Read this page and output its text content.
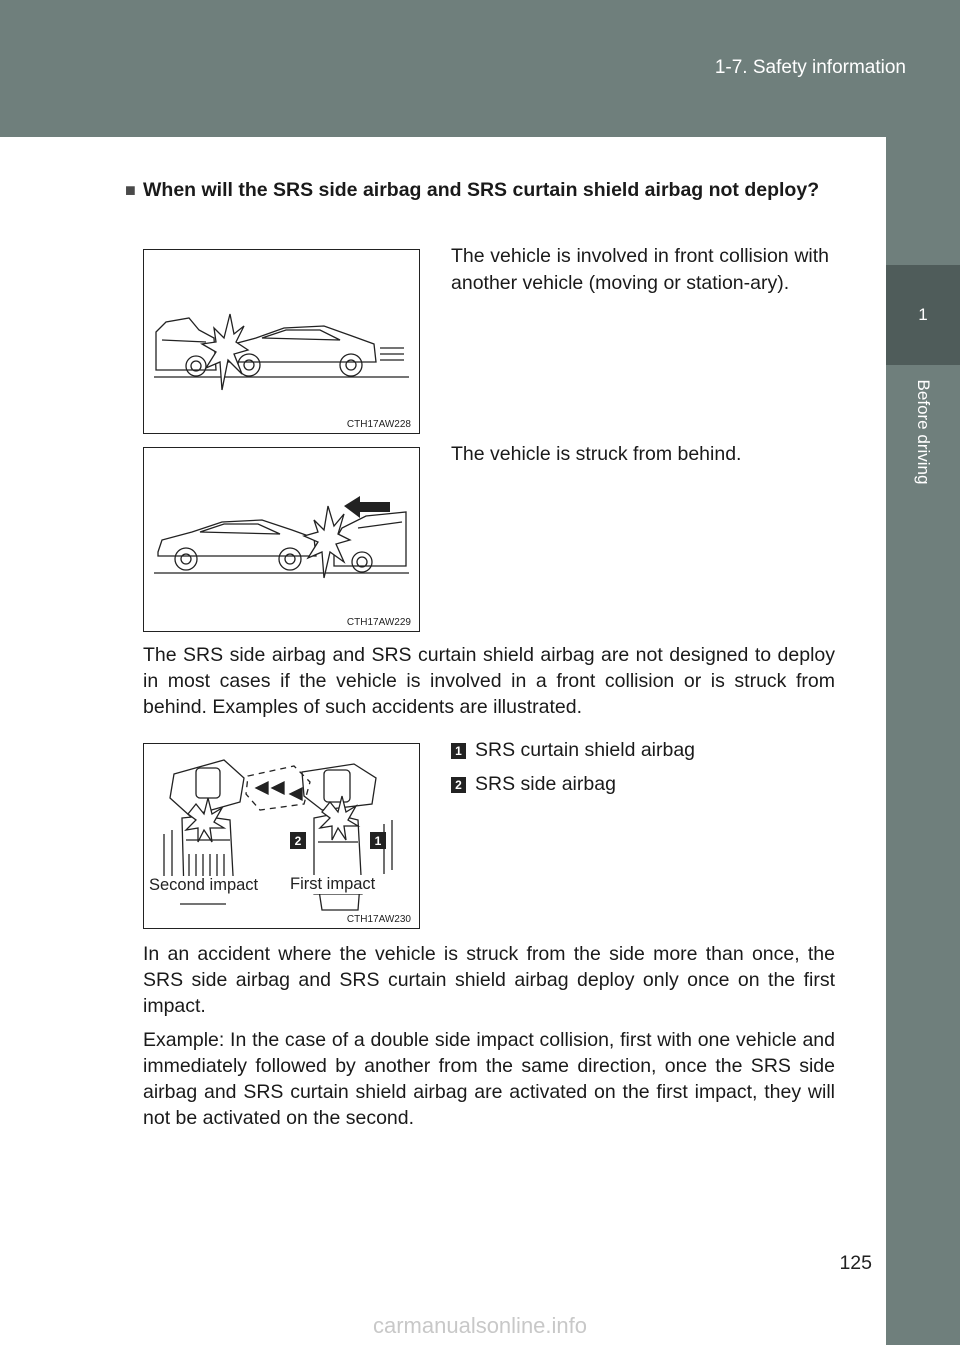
1-7. Safety information
1
Before driving
■ When will the SRS side airbag and SRS curtain shield airbag not deploy?
CTH17AW228
The vehicle is involved in front collision with another vehicle (moving or station-ary).
CTH17AW229
The vehicle is struck from behind.
The SRS side airbag and SRS curtain shield airbag are not designed to deploy in most cases if the vehicle is involved in a front collision or is struck from behind. Examples of such accidents are illustrated.
2	1
Second impact First impact
CTH17AW230
1 SRS curtain shield airbag
2 SRS side airbag
In an accident where the vehicle is struck from the side more than once, the SRS side airbag and SRS curtain shield airbag deploy only once on the first impact.
Example: In the case of a double side impact collision, first with one vehicle and immediately followed by another from the same direction, once the SRS side airbag and SRS curtain shield airbag are activated on the first impact, they will not be activated on the second.
125
carmanualsonline.info
